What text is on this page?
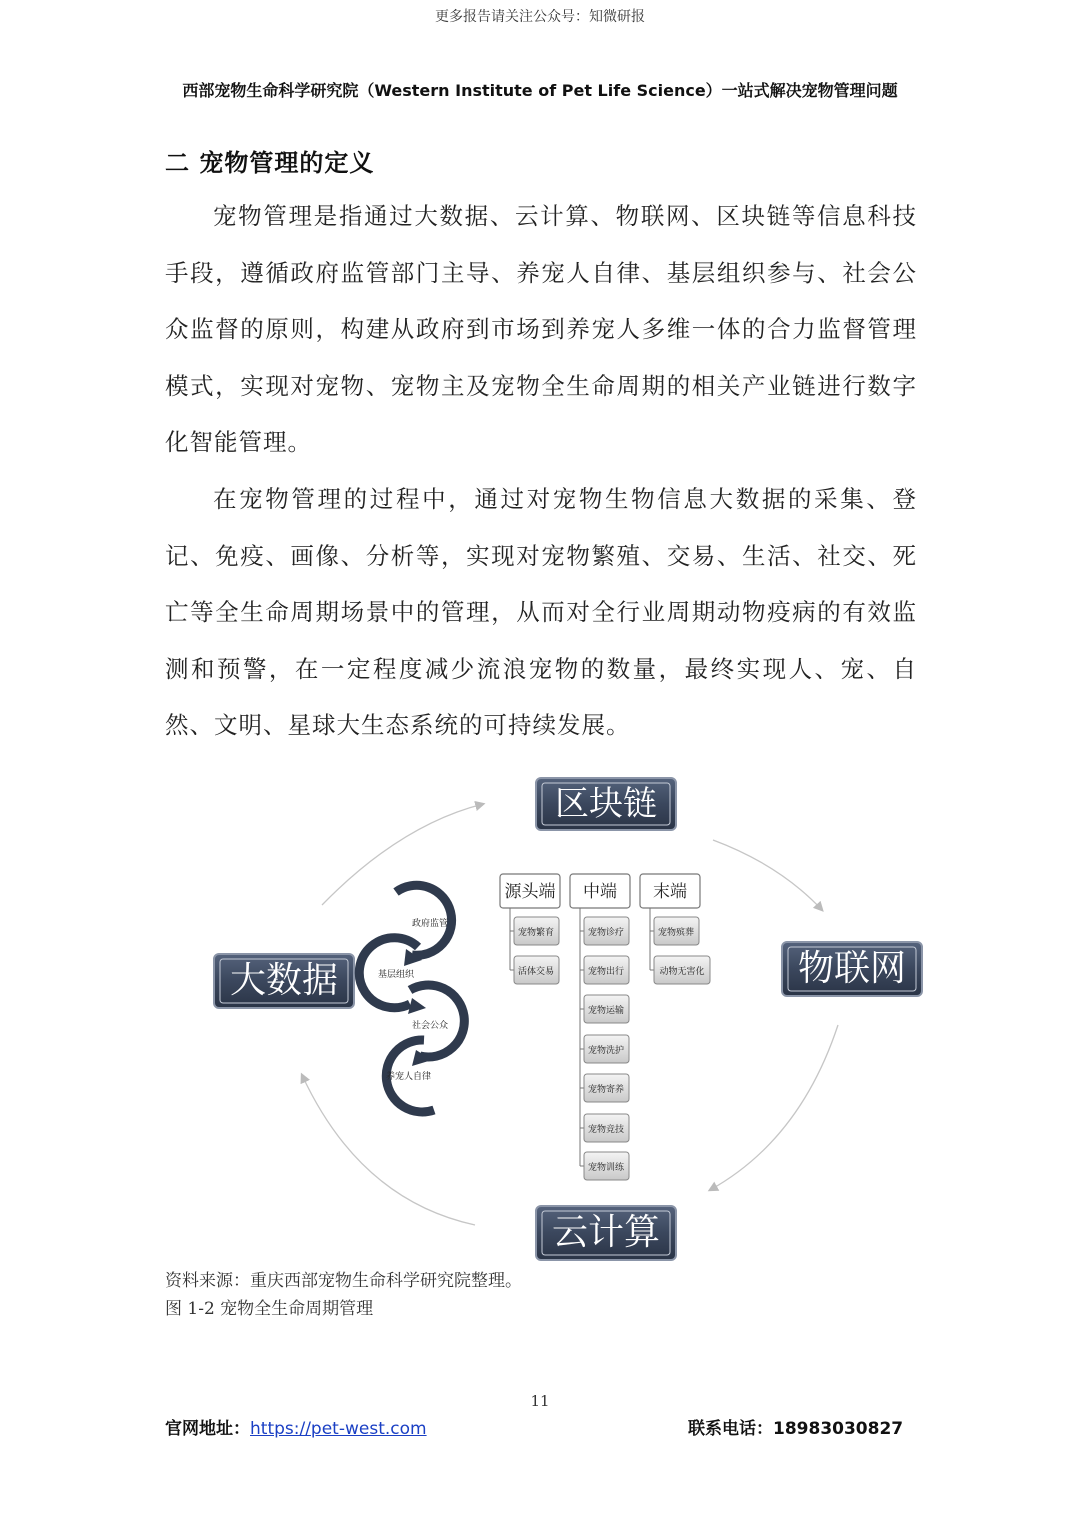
更多报告请关注公众号：知微研报
西部宠物生命科学研究院（Western Institute of Pet Life Science）一站式解决宠物管理问题
二 宠物管理的定义

宠物管理是指通过大数据、云计算、物联网、区块链等信息科技手段，遵循政府监管部门主导、养宠人自律、基层组织参与、社会公众监督的原则，构建从政府到市场到养宠人多维一体的合力监督管理模式，实现对宠物、宠物主及宠物全生命周期的相关产业链进行数字化智能管理。

在宠物管理的过程中，通过对宠物生物信息大数据的采集、登记、免疫、画像、分析等，实现对宠物繁殖、交易、生活、社交、死亡等全生命周期场景中的管理，从而对全行业周期动物疫病的有效监测和预警，在一定程度减少流浪宠物的数量，最终实现人、宠、自然、文明、星球大生态系统的可持续发展。

区块链
大数据	物联网
云计算
政府监管
基层组织
社会公众
养宠人自律
源头端
宠物繁育
活体交易
中端
宠物诊疗
宠物出行
宠物运输
宠物洗护
宠物寄养
宠物竞技
宠物训练
末端
宠物殡葬
动物无害化
资料来源：重庆西部宠物生命科学研究院整理。
图 1-2 宠物全生命周期管理
11
官网地址：https://pet-west.com	联系电话：18983030827
